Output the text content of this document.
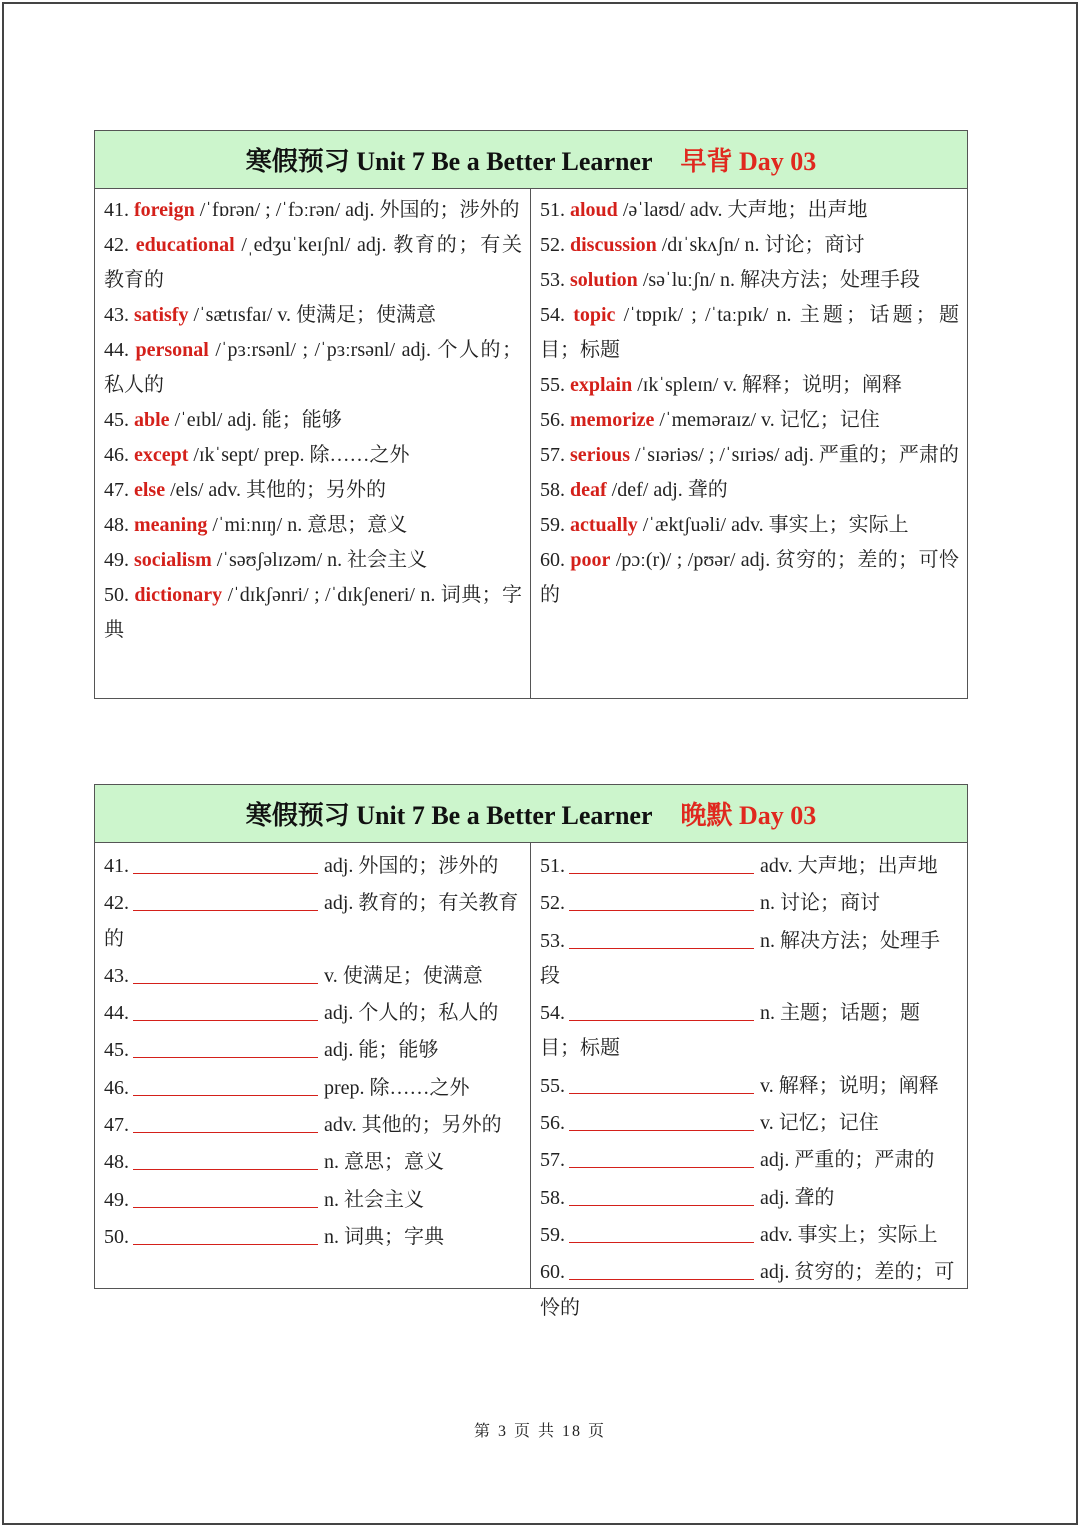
寒假预习 Unit 7 Be a Better Learner 早背 Day 03
41. foreign /ˈfɒrən/ ; /ˈfɔːrən/ adj. 外国的；涉外的
42. educational /ˌedʒuˈkeɪʃnl/ adj. 教育的；有关教育的
43. satisfy /ˈsætɪsfaɪ/ v. 使满足；使满意
44. personal /ˈpɜːrsənl/ ; /ˈpɜːrsənl/ adj. 个人的；私人的
45. able /ˈeɪbl/ adj. 能；能够
46. except /ɪkˈsept/ prep. 除……之外
47. else /els/ adv. 其他的；另外的
48. meaning /ˈmiːnɪŋ/ n. 意思；意义
49. socialism /ˈsəʊʃəlɪzəm/ n. 社会主义
50. dictionary /ˈdɪkʃənri/ ; /ˈdɪkʃeneri/ n. 词典；字典
51. aloud /əˈlaʊd/ adv. 大声地；出声地
52. discussion /dɪˈskʌʃn/ n. 讨论；商讨
53. solution /səˈluːʃn/ n. 解决方法；处理手段
54. topic /ˈtɒpɪk/ ; /ˈtaːpɪk/ n. 主题；话题；题目；标题
55. explain /ɪkˈspleɪn/ v. 解释；说明；阐释
56. memorize /ˈmeməraɪz/ v. 记忆；记住
57. serious /ˈsɪəriəs/ ; /ˈsɪriəs/ adj. 严重的；严肃的
58. deaf /def/ adj. 聋的
59. actually /ˈæktʃuəli/ adv. 事实上；实际上
60. poor /pɔː(r)/ ; /pʊər/ adj. 贫穷的；差的；可怜的
寒假预习 Unit 7 Be a Better Learner 晚默 Day 03
41.	adj. 外国的；涉外的
42.	adj. 教育的；有关教育的
43.	v. 使满足；使满意
44.	adj. 个人的；私人的
45.	adj. 能；能够
46.	prep. 除……之外
47.	adv. 其他的；另外的
48.	n. 意思；意义
49.	n. 社会主义
50.	n. 词典；字典
51.	adv. 大声地；出声地
52.	n. 讨论；商讨
53.	n. 解决方法；处理手段
54.	n. 主题；话题；题目；标题
55.	v. 解释；说明；阐释
56.	v. 记忆；记住
57.	adj. 严重的；严肃的
58.	adj. 聋的
59.	adv. 事实上；实际上
60.	adj. 贫穷的；差的；可怜的
第 3 页 共 18 页
